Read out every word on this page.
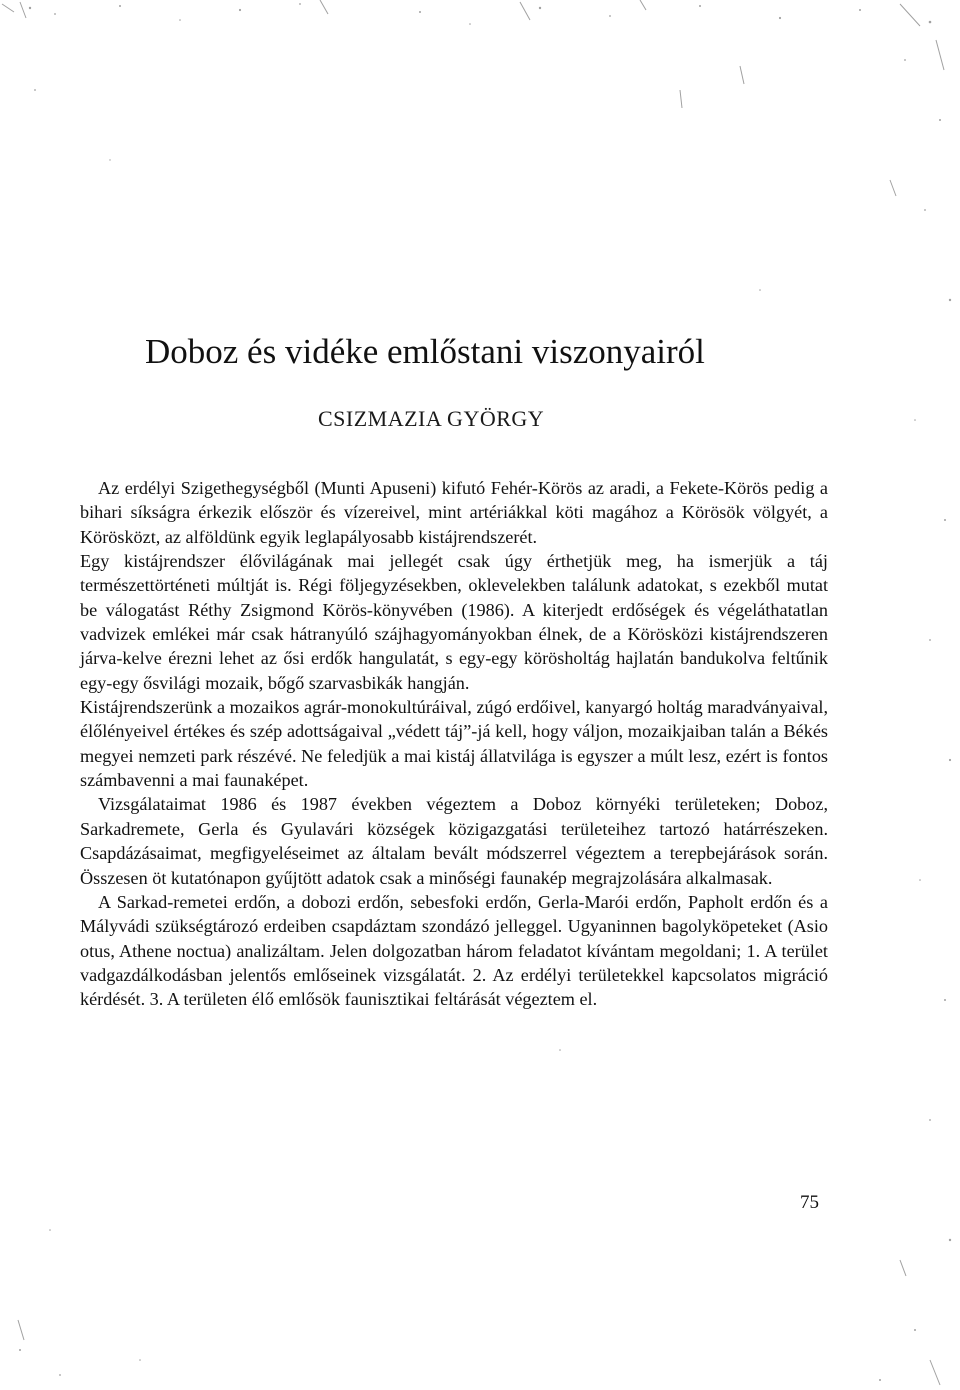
Doboz és vidéke emlőstani viszonyairól
CSIZMAZIA GYÖRGY

Az erdélyi Szigethegységből (Munti Apuseni) kifutó Fehér-Körös az aradi, a Fekete-Körös pedig a bihari síkságra érkezik először és vízereivel, mint artériákkal köti magához a Körösök völgyét, a Körösközt, az alföldünk egyik leglapályosabb kistájrendszerét.

Egy kistájrendszer élővilágának mai jellegét csak úgy érthetjük meg, ha ismerjük a táj természettörténeti múltját is. Régi följegyzésekben, oklevelekben találunk adatokat, s ezekből mutat be válogatást Réthy Zsigmond Körös-könyvében (1986). A kiterjedt erdőségek és végeláthatatlan vadvizek emlékei már csak hátranyúló szájhagyományokban élnek, de a Körösközi kistájrendszeren járva-kelve érezni lehet az ősi erdők hangulatát, s egy-egy körösholtág hajlatán bandukolva feltűnik egy-egy ősvilági mozaik, bőgő szarvasbikák hangján.

Kistájrendszerünk a mozaikos agrár-monokultúráival, zúgó erdőivel, kanyargó holtág maradványaival, élőlényeivel értékes és szép adottságaival „védett táj”-já kell, hogy váljon, mozaikjaiban talán a Békés megyei nemzeti park részévé. Ne feledjük a mai kistáj állatvilága is egyszer a múlt lesz, ezért is fontos számbavenni a mai faunaképet.

Vizsgálataimat 1986 és 1987 években végeztem a Doboz környéki területeken; Doboz, Sarkadremete, Gerla és Gyulavári községek közigazgatási területeihez tartozó határrészeken. Csapdázásaimat, megfigyeléseimet az általam bevált módszerrel végeztem a terepbejárások során. Összesen öt kutatónapon gyűjtött adatok csak a minőségi faunakép megrajzolására alkalmasak.

A Sarkad-remetei erdőn, a dobozi erdőn, sebesfoki erdőn, Gerla-Marói erdőn, Papholt erdőn és a Mályvádi szükségtározó erdeiben csapdáztam szondázó jelleggel. Ugyaninnen bagolyköpeteket (Asio otus, Athene noctua) analizáltam. Jelen dolgozatban három feladatot kívántam megoldani; 1. A terület vadgazdálkodásban jelentős emlőseinek vizsgálatát. 2. Az erdélyi területekkel kapcsolatos migráció kérdését. 3. A területen élő emlősök faunisztikai feltárását végeztem el.

75
